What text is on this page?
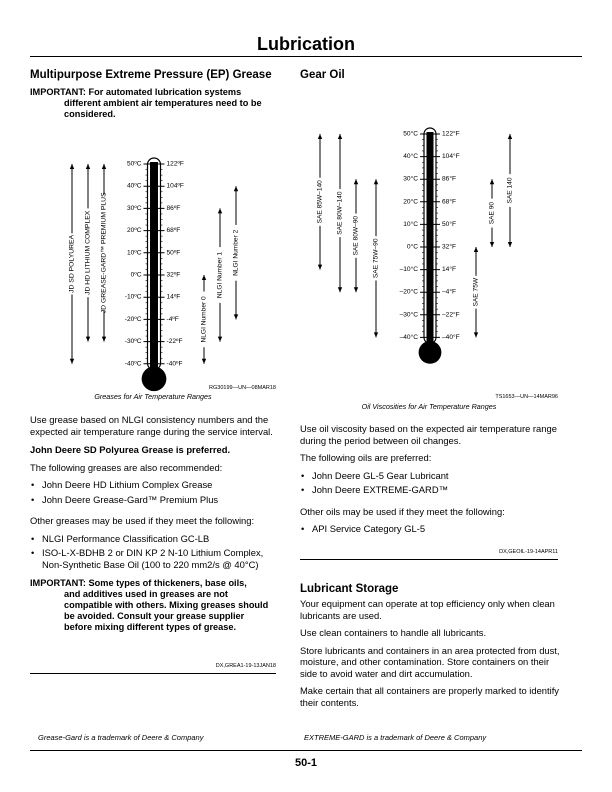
Lubrication
Multipurpose Extreme Pressure (EP) Grease
IMPORTANT: For automated lubrication systems
different ambient air temperatures need to be
considered.
50ºC	122ºF
40ºC	104ºF
30ºC	86ºF
20ºC	68ºF
10ºC	50ºF
0ºC	32ºF
-10ºC	14ºF
-20ºC	-4ºF
-30ºC	-22ºF
-40ºC	-40ºF
JD SD POLYUREA JD HD LITHIUM COMPLEX JD GREASE-GARD™ PREMIUM PLUS
NLGI Number 0
NLGI Number 1 NLGI Number 2
RG30199—UN—08MAR18
Greases for Air Temperature Ranges

Use grease based on NLGI consistency numbers and the expected air temperature range during the service interval.

John Deere SD Polyurea Grease is preferred.

The following greases are also recommended:

• John Deere HD Lithium Complex Grease
• John Deere Grease-Gard™ Premium Plus

Other greases may be used if they meet the following:

• NLGI Performance Classification GC-LB
• ISO-L-X-BDHB 2 or DIN KP 2 N-10 Lithium Complex, Non-Synthetic Base Oil (100 to 220 mm2/s @ 40°C)
IMPORTANT: Some types of thickeners, base oils,
and additives used in greases are not
compatible with others. Mixing greases should
be avoided. Consult your grease supplier
before mixing different types of grease.
DX,GREA1-19-13JAN18
Gear Oil
50°C	122°F
40°C	104°F
30°C	86°F
20°C	68°F
10°C	50°F
0°C	32°F
–10°C	14°F
–20°C	–4°F
–30°C	–22°F
–40°C	–40°F
SAE 85W–140 SAE 80W–140
SAE 80W–90
SAE 75W–90
SAE 75W
SAE 90
SAE 140
TS1653—UN—14MAR96
Oil Viscosities for Air Temperature Ranges

Use oil viscosity based on the expected air temperature range during the period between oil changes.

The following oils are preferred:

• John Deere GL-5 Gear Lubricant
• John Deere EXTREME-GARD™

Other oils may be used if they meet the following:

• API Service Category GL-5
DX,GEOIL-19-14APR11
Lubricant Storage

Your equipment can operate at top efficiency only when clean lubricants are used.

Use clean containers to handle all lubricants.

Store lubricants and containers in an area protected from dust, moisture, and other contamination. Store containers on their side to avoid water and dirt accumulation.

Make certain that all containers are properly marked to identify their contents.

Grease-Gard is a trademark of Deere & Company	EXTREME-GARD is a trademark of Deere & Company
50-1
